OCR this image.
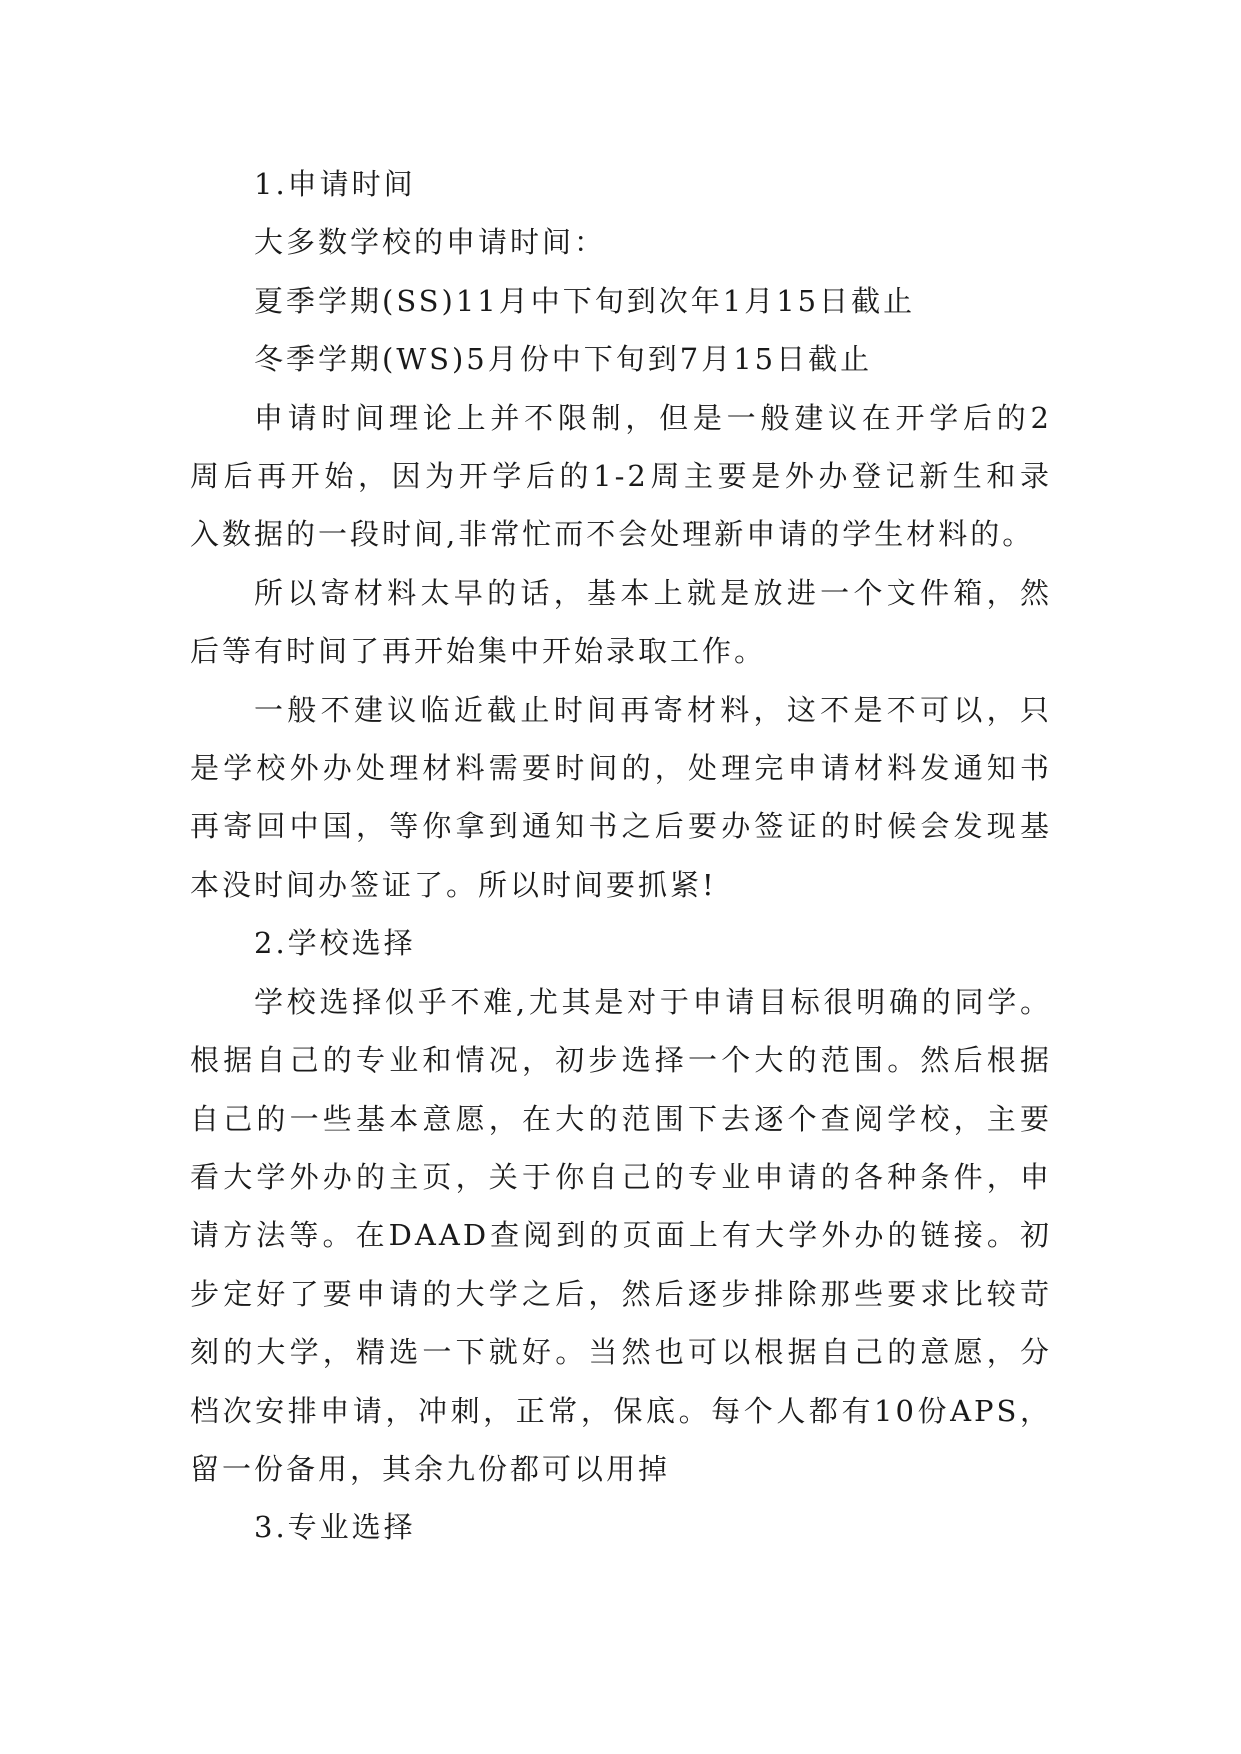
1.申请时间
大多数学校的申请时间：
夏季学期(SS)11月中下旬到次年1月15日截止
冬季学期(WS)5月份中下旬到7月15日截止
申请时间理论上并不限制，但是一般建议在开学后的2
周后再开始，因为开学后的1-2周主要是外办登记新生和录
入数据的一段时间,非常忙而不会处理新申请的学生材料的。
所以寄材料太早的话，基本上就是放进一个文件箱，然
后等有时间了再开始集中开始录取工作。
一般不建议临近截止时间再寄材料，这不是不可以，只
是学校外办处理材料需要时间的，处理完申请材料发通知书
再寄回中国，等你拿到通知书之后要办签证的时候会发现基
本没时间办签证了。所以时间要抓紧!
2.学校选择
学校选择似乎不难,尤其是对于申请目标很明确的同学。
根据自己的专业和情况，初步选择一个大的范围。然后根据
自己的一些基本意愿，在大的范围下去逐个查阅学校，主要
看大学外办的主页，关于你自己的专业申请的各种条件，申
请方法等。在DAAD查阅到的页面上有大学外办的链接。初
步定好了要申请的大学之后，然后逐步排除那些要求比较苛
刻的大学，精选一下就好。当然也可以根据自己的意愿，分
档次安排申请，冲刺，正常，保底。每个人都有10份APS，
留一份备用，其余九份都可以用掉
3.专业选择
